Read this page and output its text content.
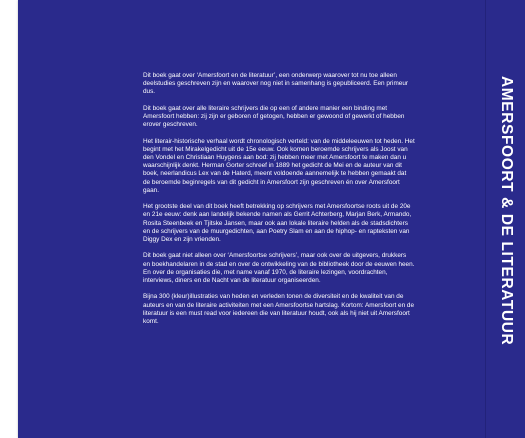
AMERSFOORT & DE LITERATUUR

Dit boek gaat over ‘Amersfoort en de literatuur’, een onderwerp waarover tot nu toe alleen deelstudies geschreven zijn en waarover nog niet in samenhang is gepubliceerd. Een primeur dus.

Dit boek gaat over alle literaire schrijvers die op een of andere manier een binding met Amersfoort hebben: zij zijn er geboren of getogen, hebben er gewoond of gewerkt of hebben erover geschreven.

Het literair-historische verhaal wordt chronologisch verteld: van de middeleeuwen tot heden. Het begint met het Mirakelgedicht uit de 15e eeuw. Ook komen beroemde schrijvers als Joost van den Vondel en Christiaan Huygens aan bod: zij hebben meer met Amersfoort te maken dan u waarschijnlijk denkt. Herman Gorter schreef in 1889 het gedicht de Mei en de auteur van dit boek, neerlandicus Lex van de Haterd, meent voldoende aannemelijk te hebben gemaakt dat de beroemde beginregels van dit gedicht in Amersfoort zijn geschreven én over Amersfoort gaan.

Het grootste deel van dit boek heeft betrekking op schrijvers met Amersfoortse roots uit de 20e en 21e eeuw: denk aan landelijk bekende namen als Gerrit Achterberg, Marjan Berk, Armando, Rosita Steenbeek en Tjitske Jansen, maar ook aan lokale literaire helden als de stadsdichters en de schrijvers van de muurgedichten, aan Poetry Slam en aan de hiphop- en rapteksten van Diggy Dex en zijn vrienden.

Dit boek gaat niet alleen over ‘Amersfoortse schrijvers’, maar ook over de uitgevers, drukkers en boekhandelaren in de stad en over de ontwikkeling van de bibliotheek door de eeuwen heen. En over de organisaties die, met name vanaf 1970, de literaire lezingen, voordrachten, interviews, diners en de Nacht van de literatuur organiseerden.

Bijna 300 (kleur)illustraties van heden en verleden tonen de diversiteit en de kwaliteit van de auteurs en van de literaire activiteiten met een Amersfoortse hartslag. Kortom: Amersfoort en de literatuur is een must read voor iedereen die van literatuur houdt, ook als hij niet uit Amersfoort komt.
